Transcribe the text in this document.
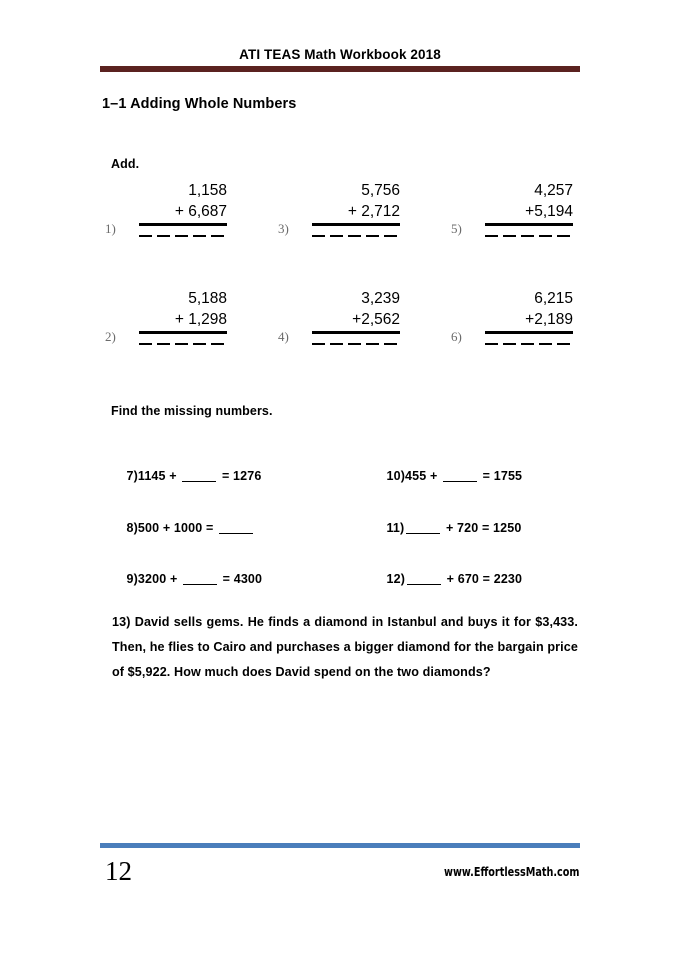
ATI TEAS Math Workbook 2018
1–1 Adding Whole Numbers
Add.
1)
1,158
+ 6,687
2)
5,188
+ 1,298
3)
5,756
+ 2,712
4)
3,239
+2,562
5)
4,257
+5,194
6)
6,215
+2,189
Find the missing numbers.

7)1145 +	= 1276

8)500 + 1000 =

9)3200 +	= 4300

10)455 +	= 1755

11)	+ 720 = 1250

12)	+ 670 = 2230

13) David sells gems. He finds a diamond in Istanbul and buys it for $3,433. Then, he flies to Cairo and purchases a bigger diamond for the bargain price of $5,922. How much does David spend on the two diamonds?
12	www.EffortlessMath.com
